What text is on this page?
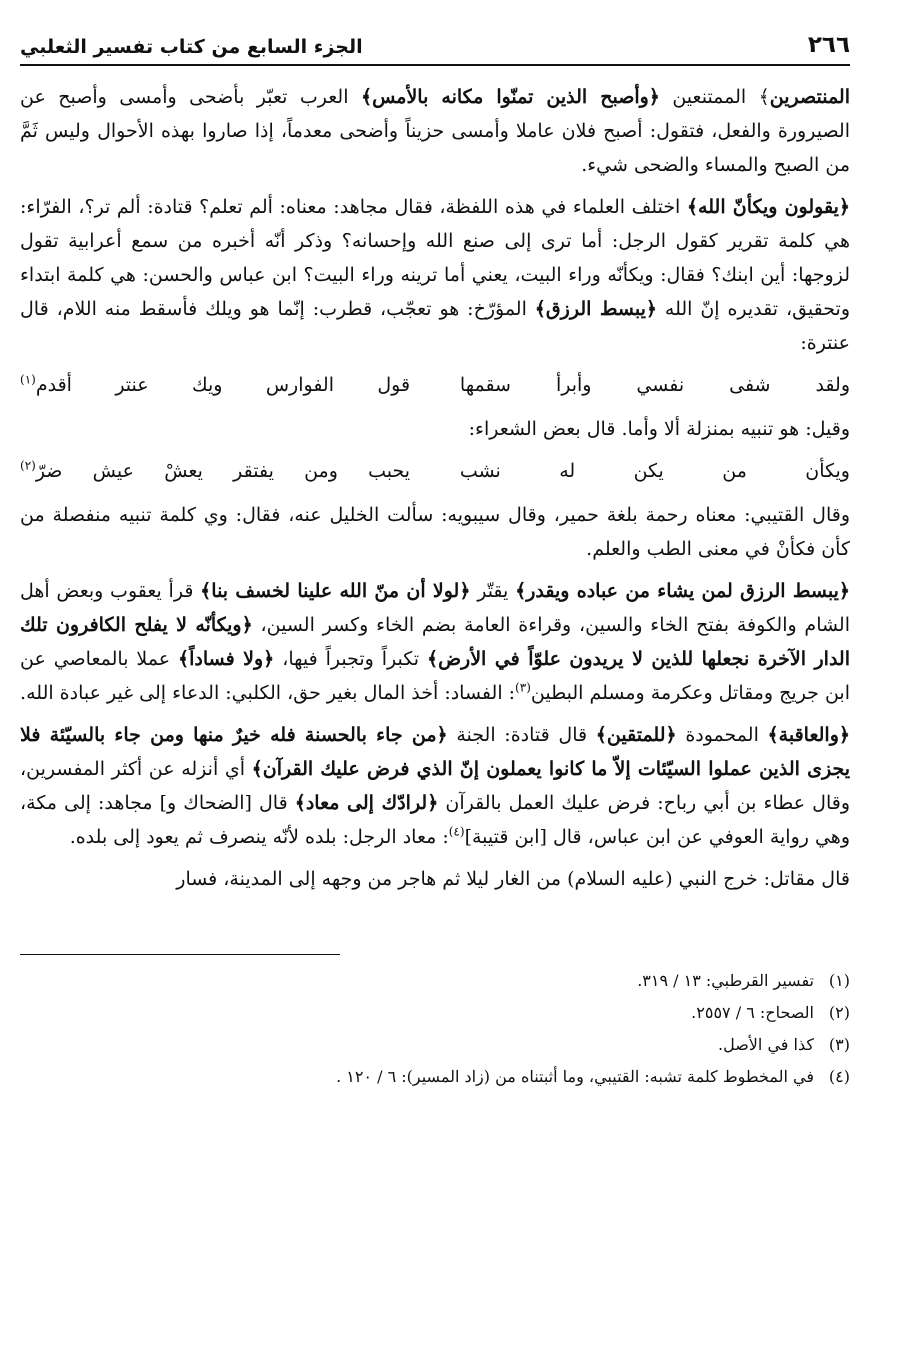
٢٦٦
الجزء السابع من كتاب تفسير الثعلبي

المنتصرين﴾ الممتنعين ﴿وأصبح الذين تمنّوا مكانه بالأمس﴾ العرب تعبّر بأضحى وأمسى وأصبح عن الصيرورة والفعل، فتقول: أصبح فلان عاملا وأمسى حزيناً وأضحى معدماً، إذا صاروا بهذه الأحوال وليس ثَمَّ من الصبح والمساء والضحى شيء.

﴿يقولون ويكأنّ الله﴾ اختلف العلماء في هذه اللفظة، فقال مجاهد: معناه: ألم تعلم؟ قتادة: ألم تر؟، الفرّاء: هي كلمة تقرير كقول الرجل: أما ترى إلى صنع الله وإحسانه؟ وذكر أنّه أخبره من سمع أعرابية تقول لزوجها: أين ابنك؟ فقال: ويكأنّه وراء البيت، يعني أما ترينه وراء البيت؟ ابن عباس والحسن: هي كلمة ابتداء وتحقيق، تقديره إنّ الله ﴿يبسط الرزق﴾ المؤرّخ: هو تعجّب، قطرب: إنّما هو ويلك فأسقط منه اللام، قال عنترة:

ولقد شفى نفسي وأبرأ سقمها
قول الفوارس ويك عنتر أقدم$^{(١)}$

وقيل: هو تنبيه بمنزلة ألا وأما. قال بعض الشعراء:

ويكأن من يكن له نشب
يحبب ومن يفتقر يعشْ عيش ضرّ$^{(٢)}$

وقال القتيبي: معناه رحمة بلغة حمير، وقال سيبويه: سألت الخليل عنه، فقال: وي كلمة تنبيه منفصلة من كأن فكأنْ في معنى الطب والعلم.

﴿يبسط الرزق لمن يشاء من عباده ويقدر﴾ يقتّر ﴿لولا أن منّ الله علينا لخسف بنا﴾ قرأ يعقوب وبعض أهل الشام والكوفة بفتح الخاء والسين، وقراءة العامة بضم الخاء وكسر السين، ﴿ويكأنّه لا يفلح الكافرون تلك الدار الآخرة نجعلها للذين لا يريدون علوّاً في الأرض﴾ تكبراً وتجبراً فيها، ﴿ولا فساداً﴾ عملا بالمعاصي عن ابن جريج ومقاتل وعكرمة ومسلم البطين$^{(٣)}$: الفساد: أخذ المال بغير حق، الكلبي: الدعاء إلى غير عبادة الله.

﴿والعاقبة﴾ المحمودة ﴿للمتقين﴾ قال قتادة: الجنة ﴿من جاء بالحسنة فله خيرٌ منها ومن جاء بالسيّئة فلا يجزى الذين عملوا السيّئات إلاّ ما كانوا يعملون إنّ الذي فرض عليك القرآن﴾ أي أنزله عن أكثر المفسرين، وقال عطاء بن أبي رباح: فرض عليك العمل بالقرآن ﴿لرادّك إلى معاد﴾ قال [الضحاك و] مجاهد: إلى مكة، وهي رواية العوفي عن ابن عباس، قال [ابن قتيبة]$^{(٤)}$: معاد الرجل: بلده لأنّه ينصرف ثم يعود إلى بلده.

قال مقاتل: خرج النبي (عليه السلام) من الغار ليلا ثم هاجر من وجهه إلى المدينة، فسار

(١)تفسير القرطبي: ١٣ / ٣١٩.
(٢)الصحاح: ٦ / ٢٥٥٧.
(٣)كذا في الأصل.
(٤)في المخطوط كلمة تشبه: القتيبي، وما أثبتناه من (زاد المسير): ٦ / ١٢٠ .
